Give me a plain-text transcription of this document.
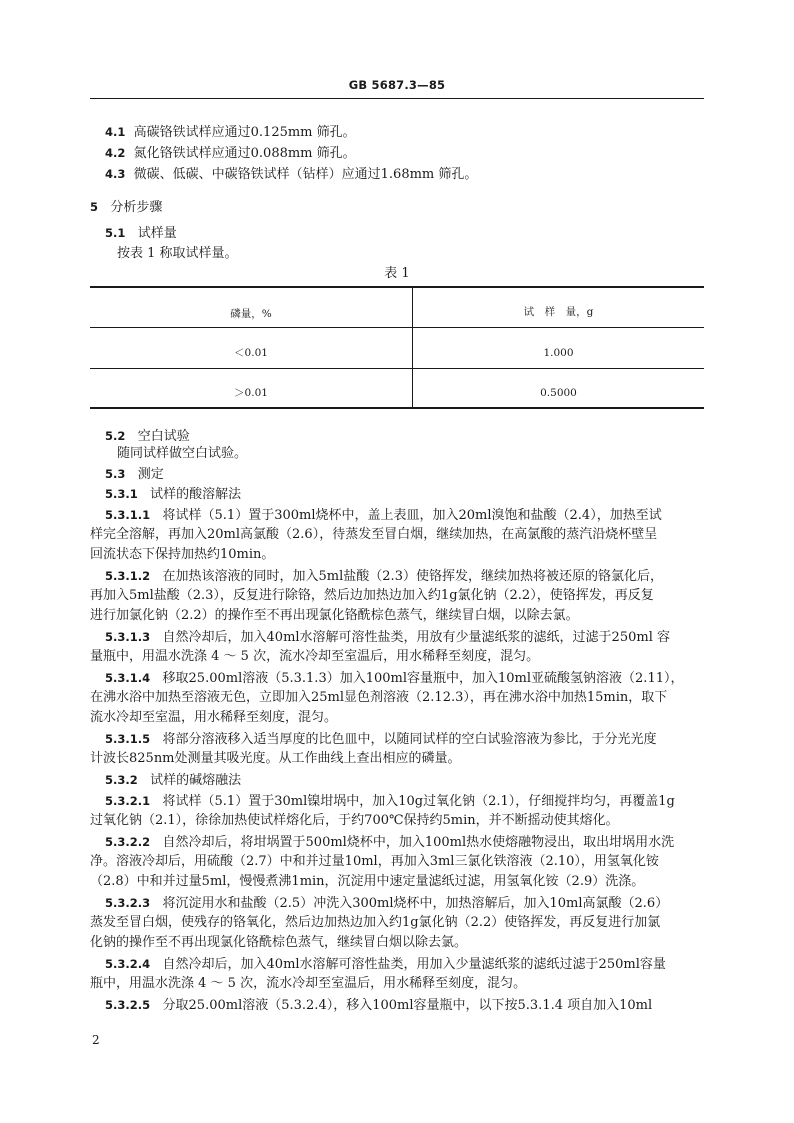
GB 5687.3—85
4.1 高碳铬铁试样应通过0.125mm 筛孔。
4.2 氮化铬铁试样应通过0.088mm 筛孔。
4.3 微碳、低碳、中碳铬铁试样（钻样）应通过1.68mm 筛孔。
5 分析步骤
5.1 试样量
按表 1 称取试样量。
表 1
磷量，%	试　样　量，g
＜0.01	1.000
＞0.01	0.5000
5.2 空白试验
随同试样做空白试验。
5.3 测定
5.3.1 试样的酸溶解法
5.3.1.1 将试样（5.1）置于300ml烧杯中，盖上表皿，加入20ml溴饱和盐酸（2.4），加热至试
样完全溶解，再加入20ml高氯酸（2.6），待蒸发至冒白烟，继续加热，在高氯酸的蒸汽沿烧杯壁呈
回流状态下保持加热约10min。
5.3.1.2 在加热该溶液的同时，加入5ml盐酸（2.3）使铬挥发，继续加热将被还原的铬氯化后，
再加入5ml盐酸（2.3），反复进行除铬，然后边加热边加入约1g氯化钠（2.2），使铬挥发，再反复
进行加氯化钠（2.2）的操作至不再出现氯化铬酰棕色蒸气，继续冒白烟，以除去氯。
5.3.1.3 自然冷却后，加入40ml水溶解可溶性盐类，用放有少量滤纸浆的滤纸，过滤于250ml 容
量瓶中，用温水洗涤 4 ～ 5 次，流水冷却至室温后，用水稀释至刻度，混匀。
5.3.1.4 移取25.00ml溶液（5.3.1.3）加入100ml容量瓶中，加入10ml亚硫酸氢钠溶液（2.11），
在沸水浴中加热至溶液无色，立即加入25ml显色剂溶液（2.12.3），再在沸水浴中加热15min，取下
流水冷却至室温，用水稀释至刻度，混匀。
5.3.1.5 将部分溶液移入适当厚度的比色皿中，以随同试样的空白试验溶液为参比，于分光光度
计波长825nm处测量其吸光度。从工作曲线上查出相应的磷量。
5.3.2 试样的碱熔融法
5.3.2.1 将试样（5.1）置于30ml镍坩埚中，加入10g过氧化钠（2.1），仔细搅拌均匀，再覆盖1g
过氧化钠（2.1），徐徐加热使试样熔化后，于约700℃保持约5min，并不断摇动使其熔化。
5.3.2.2 自然冷却后，将坩埚置于500ml烧杯中，加入100ml热水使熔融物浸出，取出坩埚用水洗
净。溶液冷却后，用硫酸（2.7）中和并过量10ml，再加入3ml三氯化铁溶液（2.10），用氢氧化铵
（2.8）中和并过量5ml，慢慢煮沸1min，沉淀用中速定量滤纸过滤，用氢氧化铵（2.9）洗涤。
5.3.2.3 将沉淀用水和盐酸（2.5）冲洗入300ml烧杯中，加热溶解后，加入10ml高氯酸（2.6）
蒸发至冒白烟，使残存的铬氧化，然后边加热边加入约1g氯化钠（2.2）使铬挥发，再反复进行加氯
化钠的操作至不再出现氯化铬酰棕色蒸气，继续冒白烟以除去氯。
5.3.2.4 自然冷却后，加入40ml水溶解可溶性盐类，用加入少量滤纸浆的滤纸过滤于250ml容量
瓶中，用温水洗涤 4 ～ 5 次，流水冷却至室温后，用水稀释至刻度，混匀。
5.3.2.5 分取25.00ml溶液（5.3.2.4），移入100ml容量瓶中，以下按5.3.1.4 项自加入10ml
2
